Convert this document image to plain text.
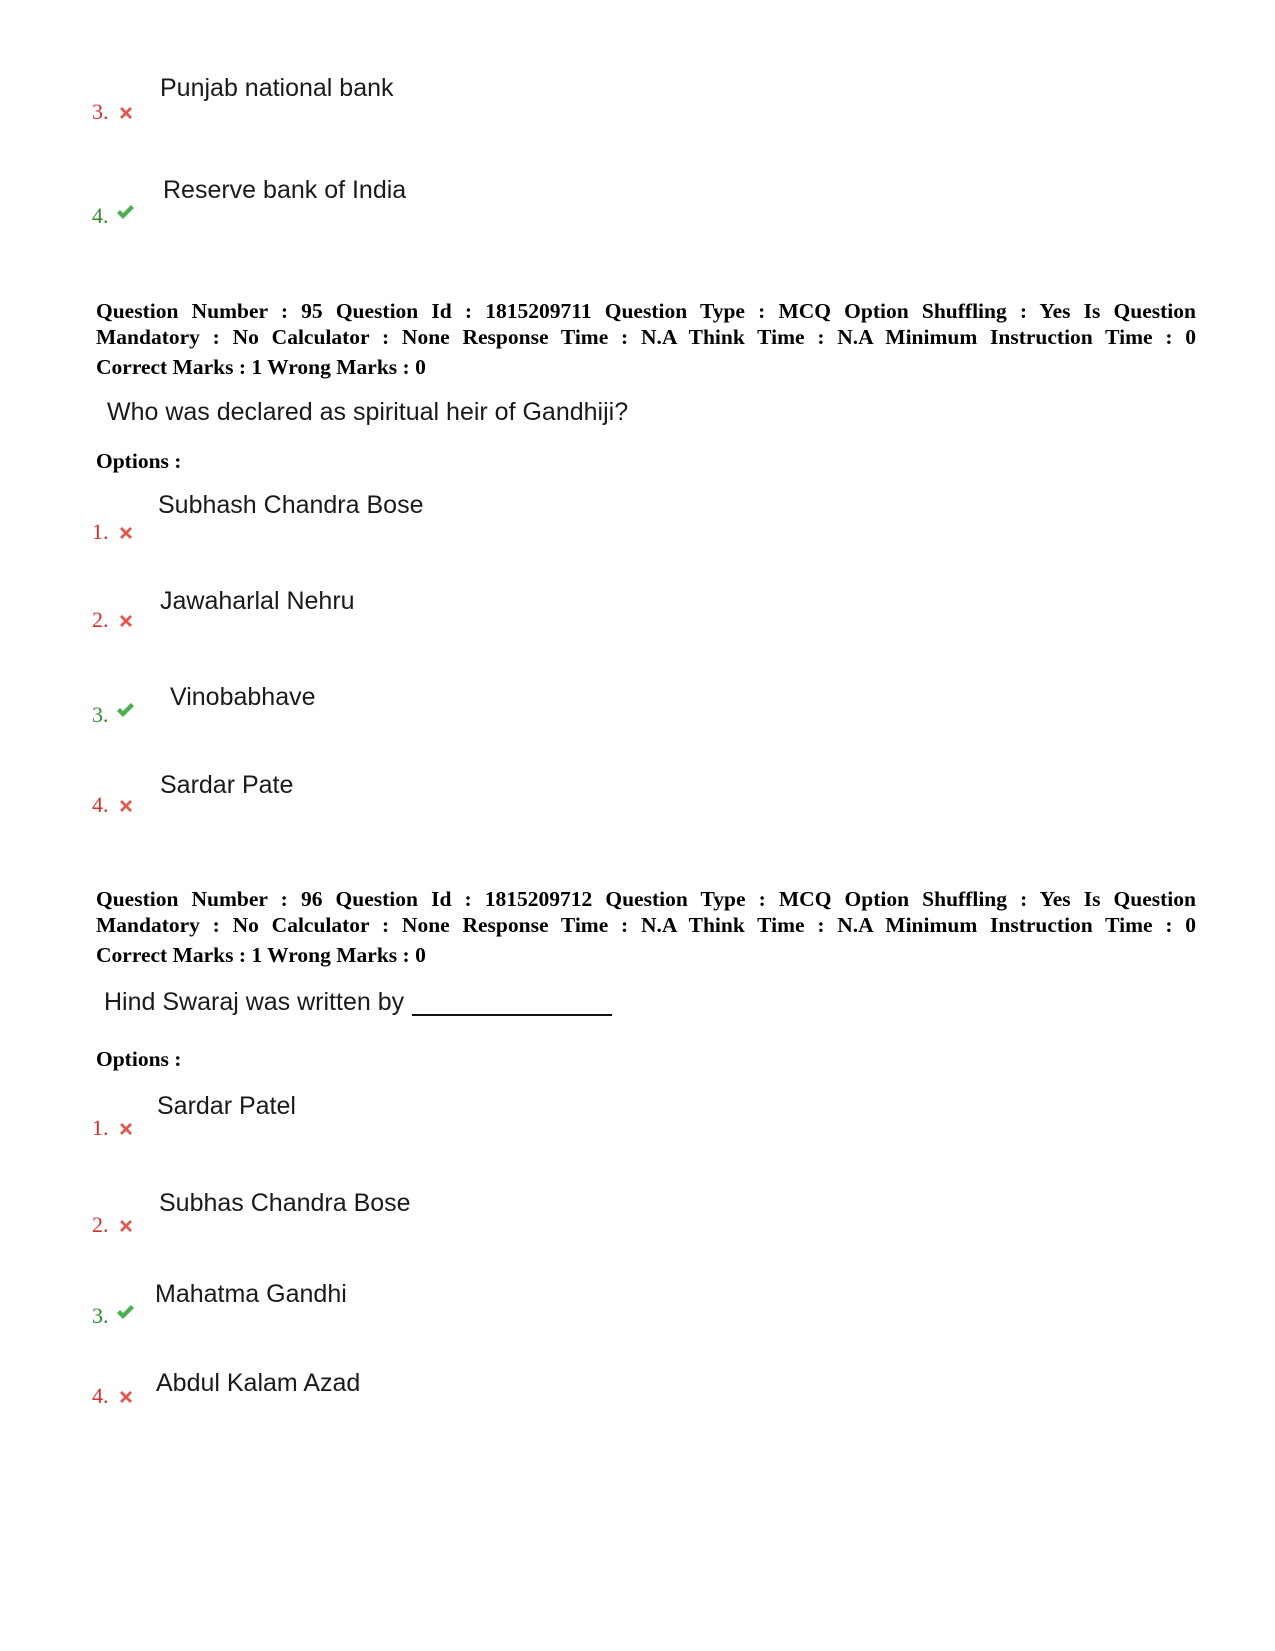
Punjab national bank
3.
Reserve bank of India
4.
Question Number : 95 Question Id : 1815209711 Question Type : MCQ Option Shuffling : Yes Is Question
Mandatory : No Calculator : None Response Time : N.A Think Time : N.A Minimum Instruction Time : 0
Correct Marks : 1 Wrong Marks : 0
Who was declared as spiritual heir of Gandhiji?
Options :
Subhash Chandra Bose
1.
Jawaharlal Nehru
2.
Vinobabhave
3.
Sardar Pate
4.
Question Number : 96 Question Id : 1815209712 Question Type : MCQ Option Shuffling : Yes Is Question
Mandatory : No Calculator : None Response Time : N.A Think Time : N.A Minimum Instruction Time : 0
Correct Marks : 1 Wrong Marks : 0
Hind Swaraj was written by
Options :
Sardar Patel
1.
Subhas Chandra Bose
2.
Mahatma Gandhi
3.
Abdul Kalam Azad
4.
